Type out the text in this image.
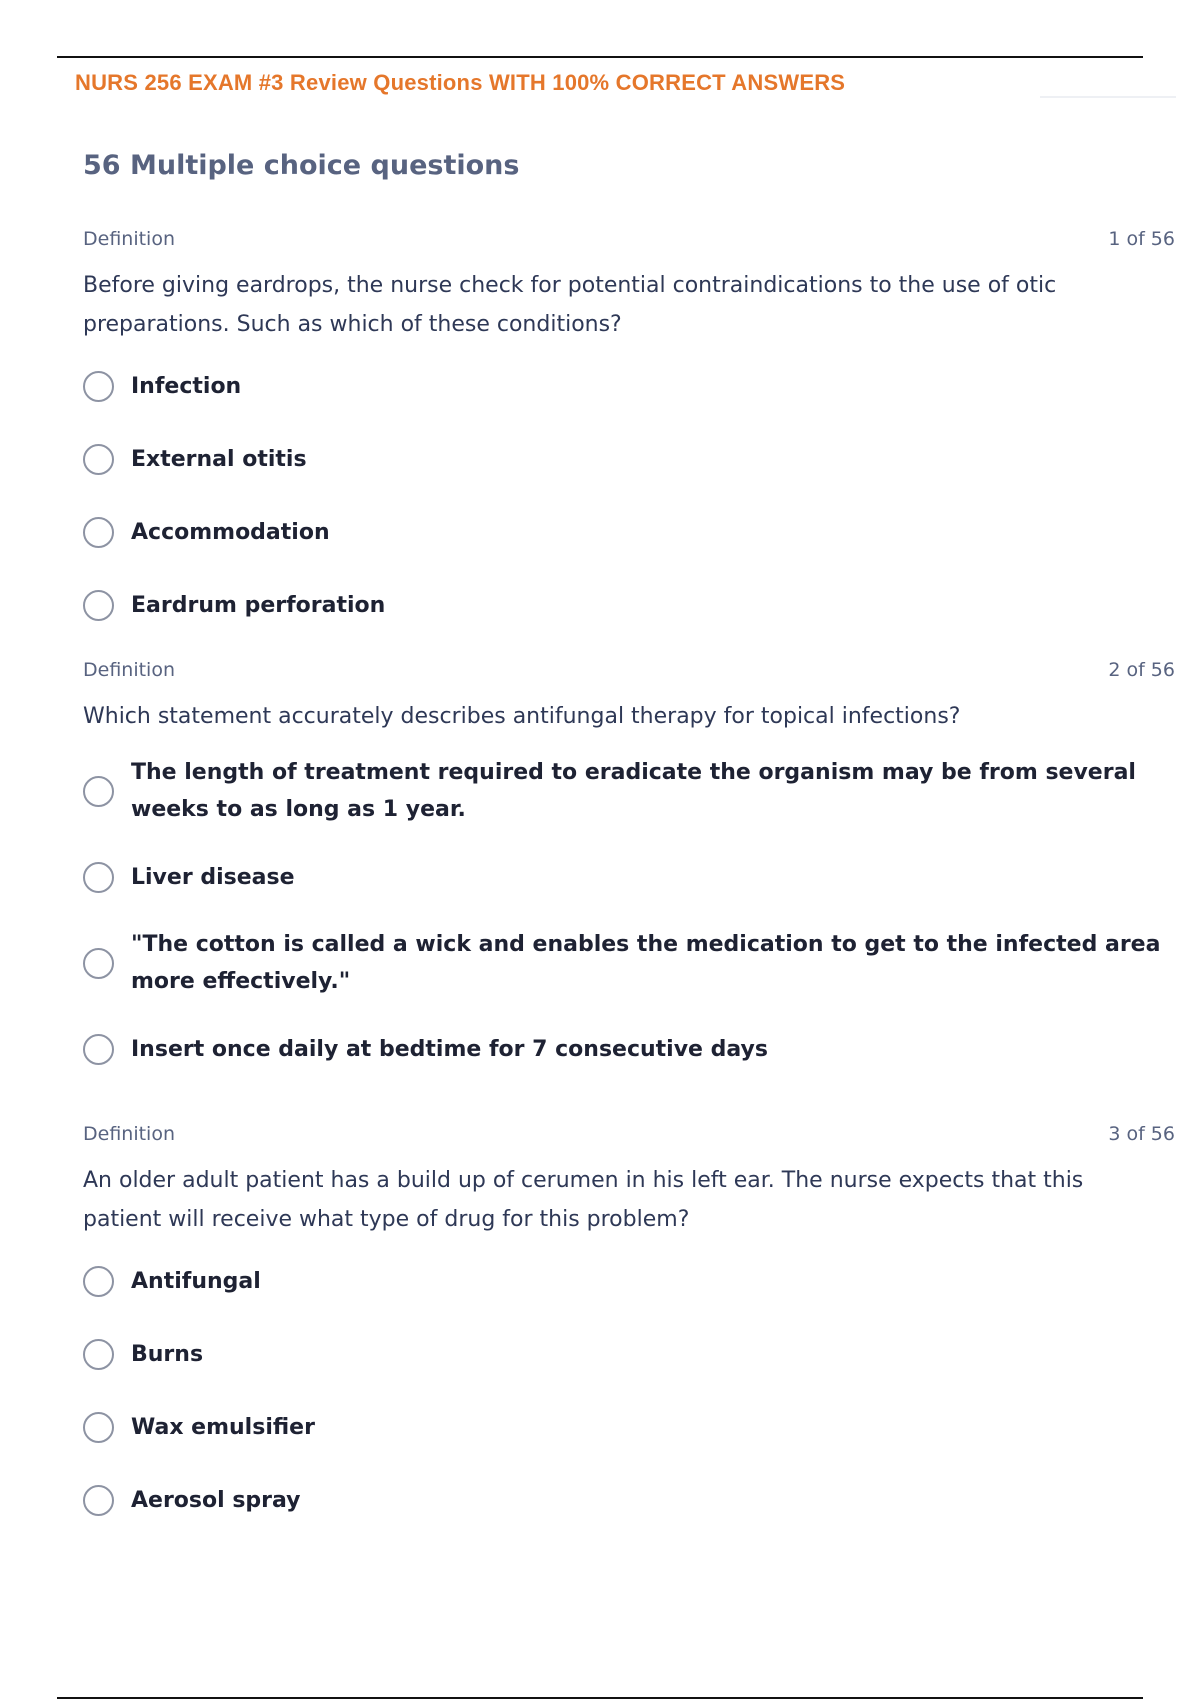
NURS 256 EXAM #3 Review Questions WITH 100% CORRECT ANSWERS
56 Multiple choice questions
Definition	1 of 56
Before giving eardrops, the nurse check for potential contraindications to the use of otic preparations. Such as which of these conditions?
Infection
External otitis
Accommodation
Eardrum perforation
Definition	2 of 56
Which statement accurately describes antifungal therapy for topical infections?
The length of treatment required to eradicate the organism may be from several weeks to as long as 1 year.
Liver disease
"The cotton is called a wick and enables the medication to get to the infected area more effectively."
Insert once daily at bedtime for 7 consecutive days
Definition	3 of 56
An older adult patient has a build up of cerumen in his left ear. The nurse expects that this patient will receive what type of drug for this problem?
Antifungal
Burns
Wax emulsifier
Aerosol spray
